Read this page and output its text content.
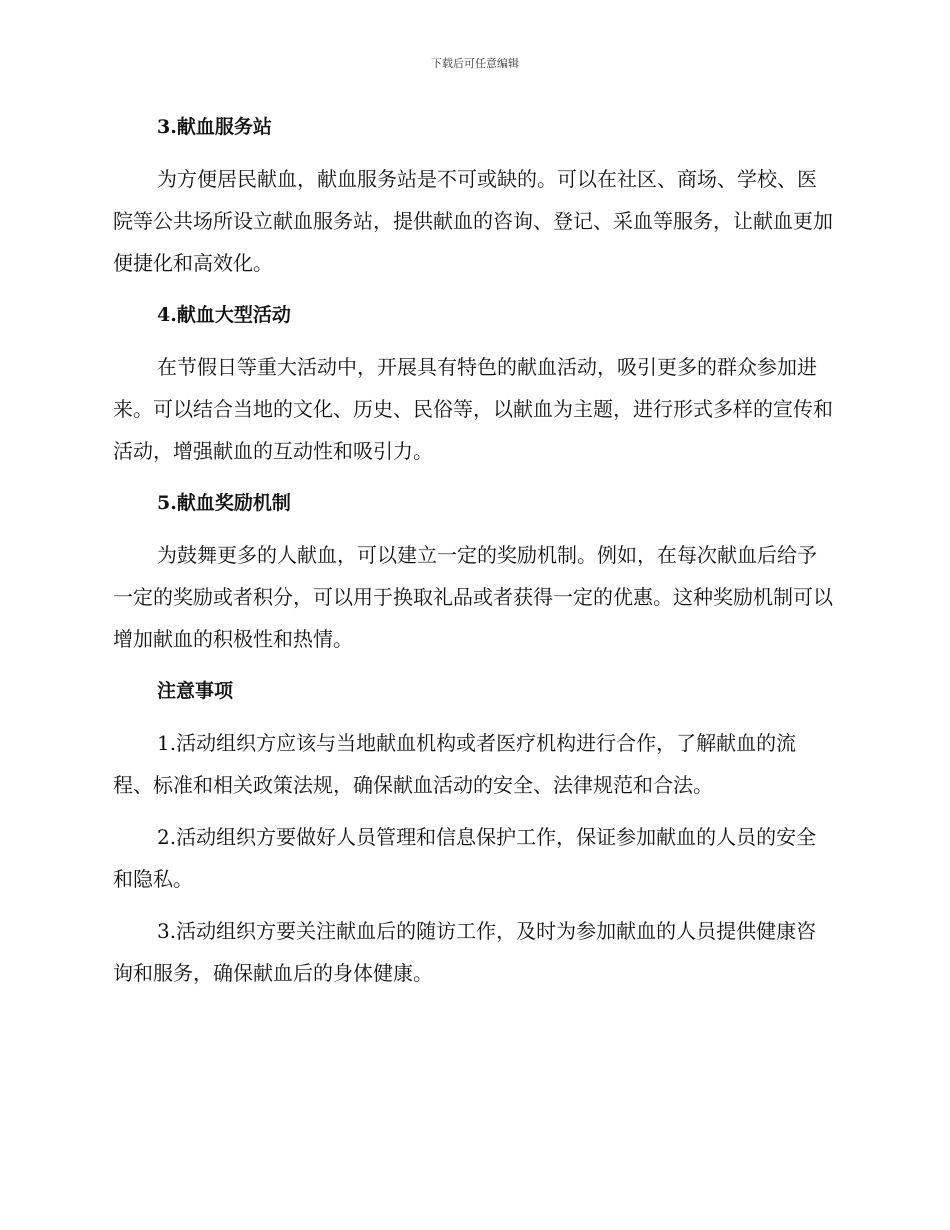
下载后可任意编辑
3.献血服务站

为方便居民献血，献血服务站是不可或缺的。可以在社区、商场、学校、医院等公共场所设立献血服务站，提供献血的咨询、登记、采血等服务，让献血更加便捷化和高效化。

4.献血大型活动

在节假日等重大活动中，开展具有特色的献血活动，吸引更多的群众参加进来。可以结合当地的文化、历史、民俗等，以献血为主题，进行形式多样的宣传和活动，增强献血的互动性和吸引力。

5.献血奖励机制

为鼓舞更多的人献血，可以建立一定的奖励机制。例如，在每次献血后给予一定的奖励或者积分，可以用于换取礼品或者获得一定的优惠。这种奖励机制可以增加献血的积极性和热情。

注意事项

1.活动组织方应该与当地献血机构或者医疗机构进行合作，了解献血的流程、标准和相关政策法规，确保献血活动的安全、法律规范和合法。

2.活动组织方要做好人员管理和信息保护工作，保证参加献血的人员的安全和隐私。

3.活动组织方要关注献血后的随访工作，及时为参加献血的人员提供健康咨询和服务，确保献血后的身体健康。
